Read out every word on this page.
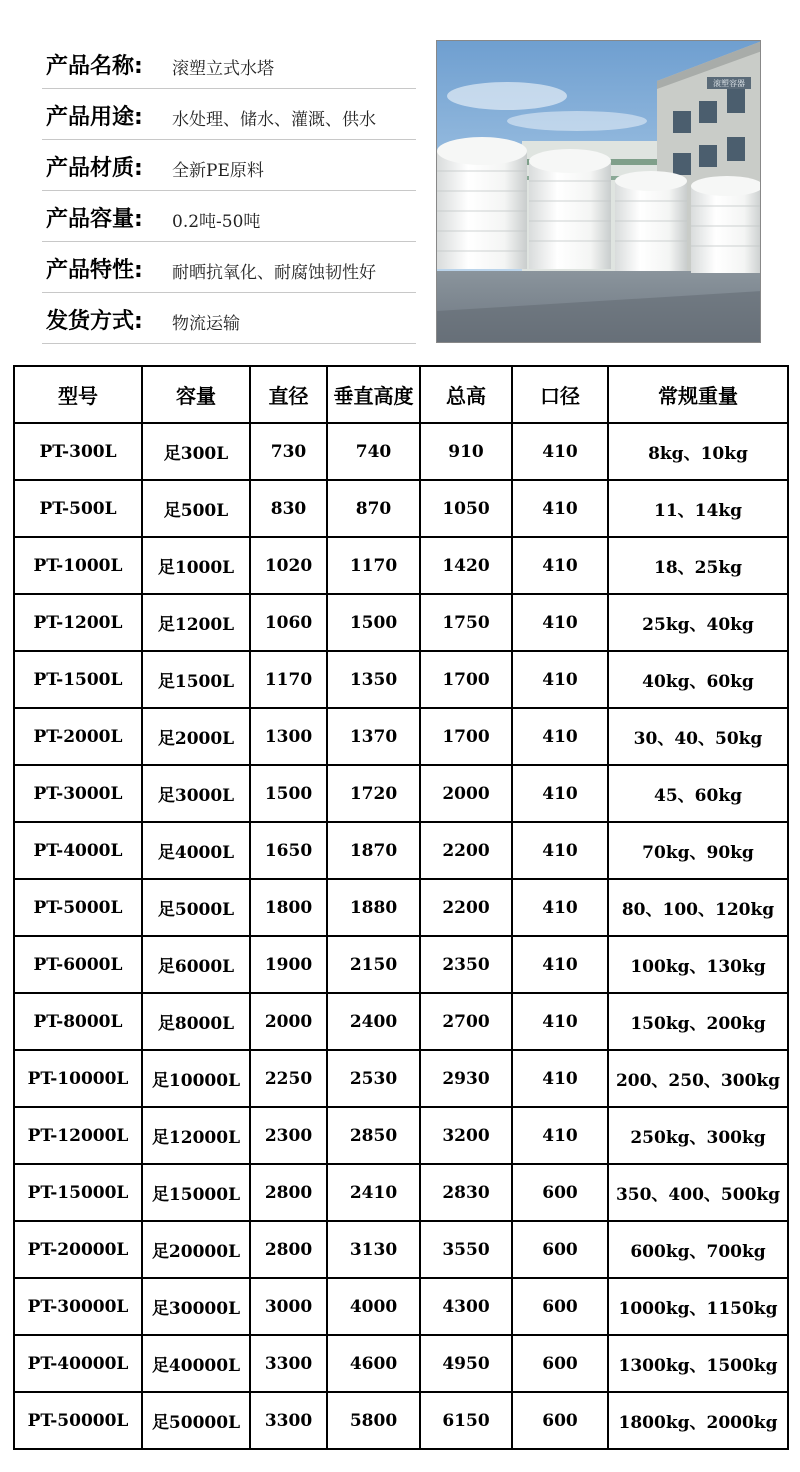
产品名称: 滚塑立式水塔
产品用途: 水处理、储水、灌溉、供水
产品材质: 全新PE原料
产品容量: 0.2吨-50吨
产品特性: 耐晒抗氧化、耐腐蚀韧性好
发货方式: 物流运输
滚塑容器
型号	容量	直径	垂直高度	总高	口径	常规重量
PT-300L	足300L	730	740	910	410	8kg、10kg
PT-500L	足500L	830	870	1050	410	11、14kg
PT-1000L	足1000L	1020	1170	1420	410	18、25kg
PT-1200L	足1200L	1060	1500	1750	410	25kg、40kg
PT-1500L	足1500L	1170	1350	1700	410	40kg、60kg
PT-2000L	足2000L	1300	1370	1700	410	30、40、50kg
PT-3000L	足3000L	1500	1720	2000	410	45、60kg
PT-4000L	足4000L	1650	1870	2200	410	70kg、90kg
PT-5000L	足5000L	1800	1880	2200	410	80、100、120kg
PT-6000L	足6000L	1900	2150	2350	410	100kg、130kg
PT-8000L	足8000L	2000	2400	2700	410	150kg、200kg
PT-10000L	足10000L	2250	2530	2930	410	200、250、300kg
PT-12000L	足12000L	2300	2850	3200	410	250kg、300kg
PT-15000L	足15000L	2800	2410	2830	600	350、400、500kg
PT-20000L	足20000L	2800	3130	3550	600	600kg、700kg
PT-30000L	足30000L	3000	4000	4300	600	1000kg、1150kg
PT-40000L	足40000L	3300	4600	4950	600	1300kg、1500kg
PT-50000L	足50000L	3300	5800	6150	600	1800kg、2000kg
